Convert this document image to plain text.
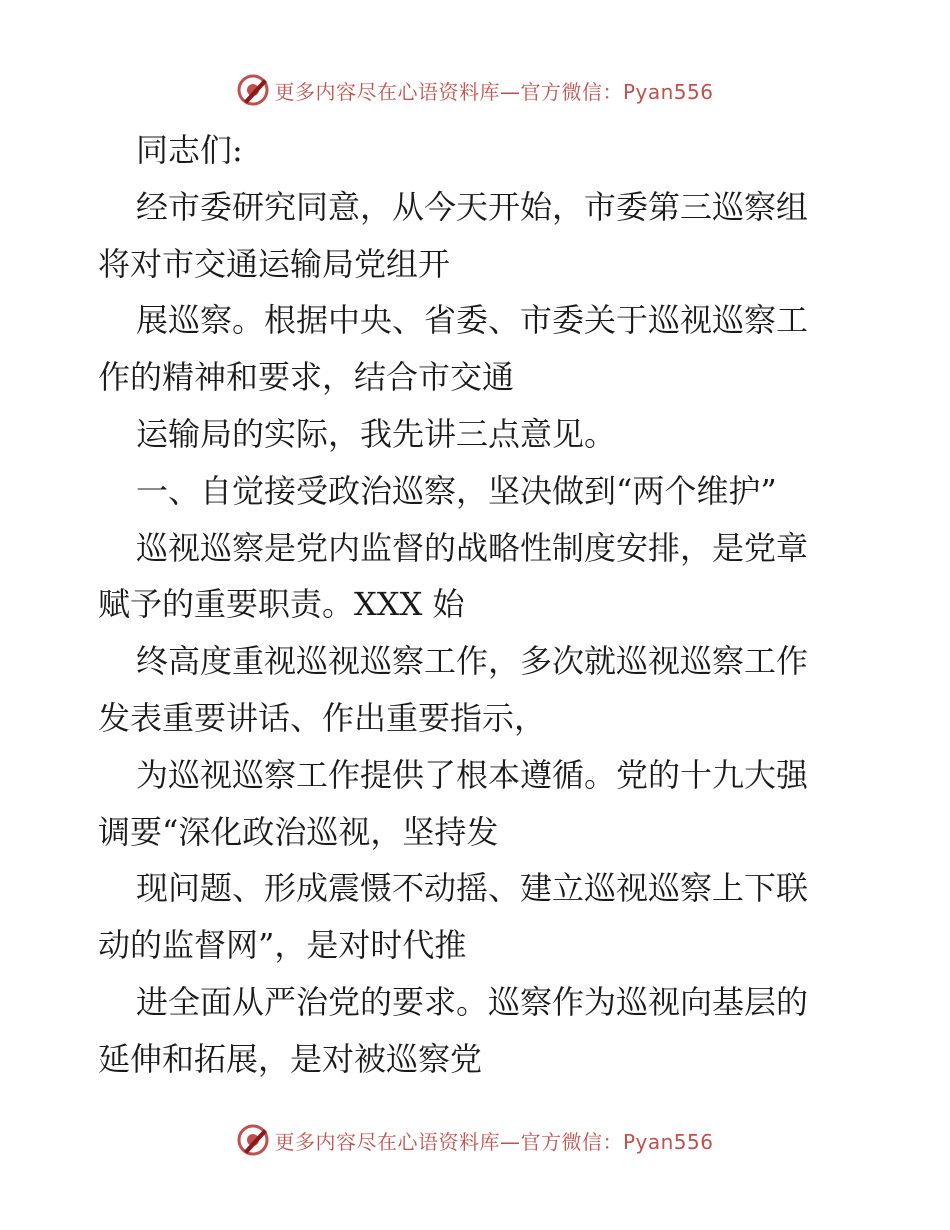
更多内容尽在心语资料库—官方微信：Pyan556
同志们:
经市委研究同意，从今天开始，市委第三巡察组
将对市交通运输局党组开
展巡察。根据中央、省委、市委关于巡视巡察工
作的精神和要求，结合市交通
运输局的实际，我先讲三点意见。
一、自觉接受政治巡察，坚决做到“两个维护”
巡视巡察是党内监督的战略性制度安排，是党章
赋予的重要职责。XXX 始
终高度重视巡视巡察工作，多次就巡视巡察工作
发表重要讲话、作出重要指示，
为巡视巡察工作提供了根本遵循。党的十九大强
调要“深化政治巡视，坚持发
现问题、形成震慑不动摇、建立巡视巡察上下联
动的监督网”，是对时代推
进全面从严治党的要求。巡察作为巡视向基层的
延伸和拓展，是对被巡察党
更多内容尽在心语资料库—官方微信：Pyan556
